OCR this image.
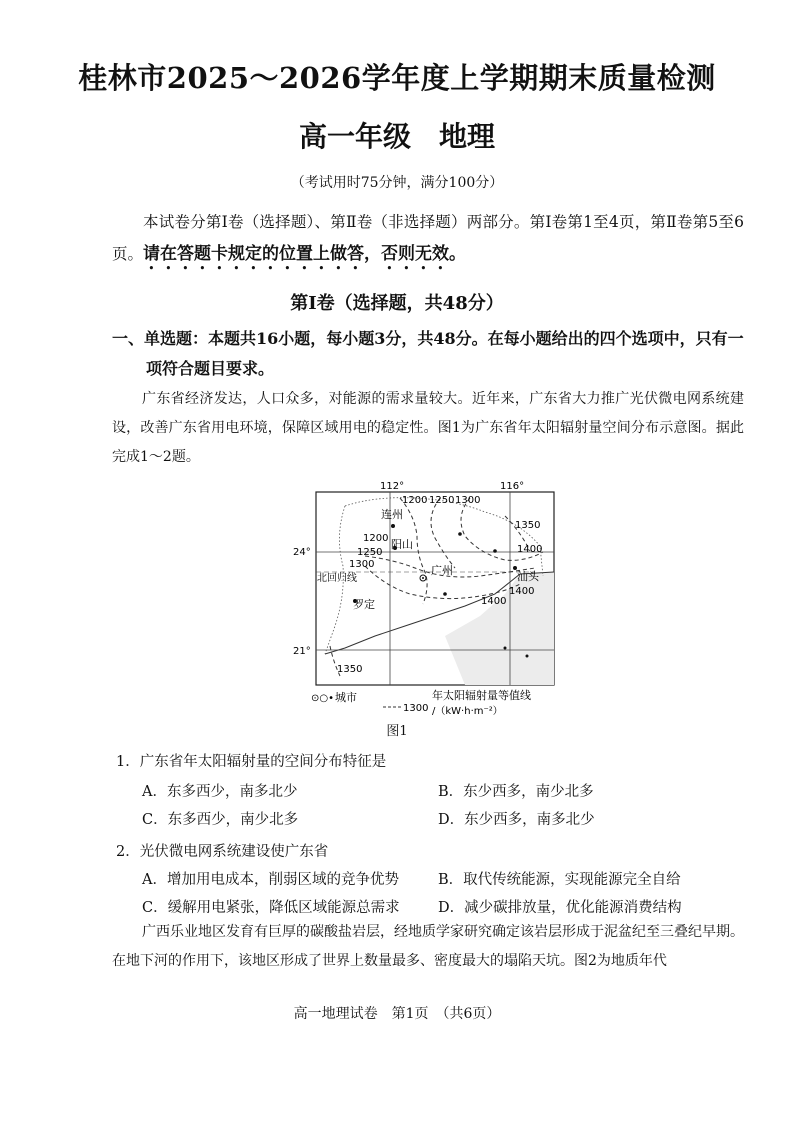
桂林市2025～2026学年度上学期期末质量检测
高一年级　地理
（考试用时75分钟，满分100分）
本试卷分第Ⅰ卷（选择题）、第Ⅱ卷（非选择题）两部分。第Ⅰ卷第1至4页，第Ⅱ卷第5至6页。请在答题卡规定的位置上做答，否则无效。
第Ⅰ卷（选择题，共48分）
一、单选题：本题共16小题，每小题3分，共48分。在每小题给出的四个选项中，只有一项符合题目要求。
广东省经济发达，人口众多，对能源的需求量较大。近年来，广东省大力推广光伏微电网系统建设，改善广东省用电环境，保障区域用电的稳定性。图1为广东省年太阳辐射量空间分布示意图。据此完成1～2题。
112°	116°
24°
21°
1200 1250 1300
1350
1400
1200
1250
1300
1400
1400
1350
连州
阳山
广州	汕头
罗定
北回归线
⊙○• 城市
1300
年太阳辐射量等值线
/（kW·h·m⁻²）
图1
1．广东省年太阳辐射量的空间分布特征是
A．东多西少，南多北少	B．东少西多，南少北多
C．东多西少，南少北多	D．东少西多，南多北少
2．光伏微电网系统建设使广东省
A．增加用电成本，削弱区域的竞争优势	B．取代传统能源，实现能源完全自给
C．缓解用电紧张，降低区域能源总需求	D．减少碳排放量，优化能源消费结构
广西乐业地区发育有巨厚的碳酸盐岩层，经地质学家研究确定该岩层形成于泥盆纪至三叠纪早期。在地下河的作用下，该地区形成了世界上数量最多、密度最大的塌陷天坑。图2为地质年代
高一地理试卷　第1页　（共6页）
